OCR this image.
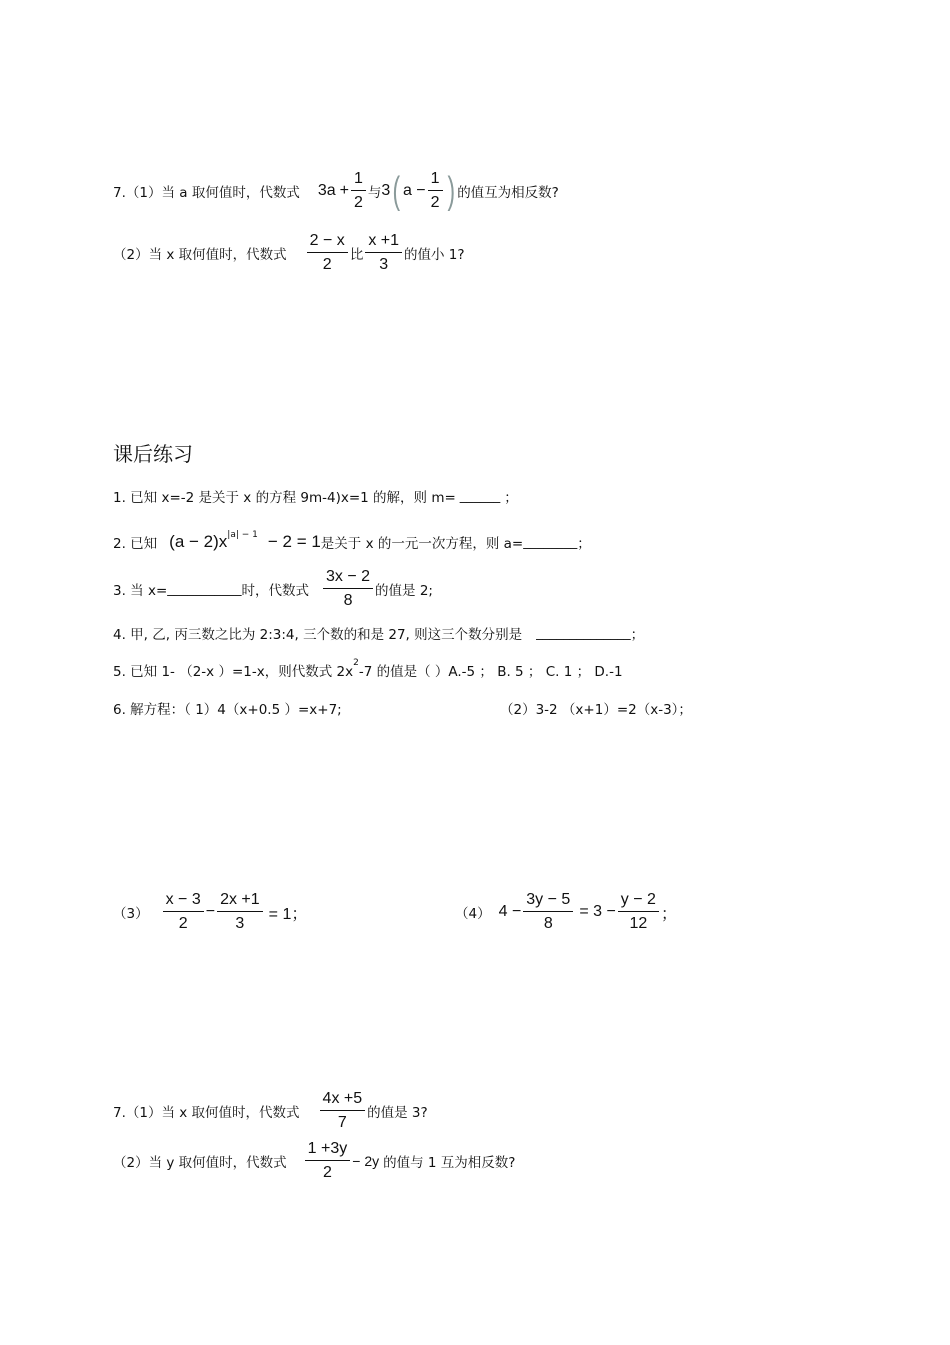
7.（1）当 a 取何值时，代数式 $3a + \frac{1}{2}$ 与 3 ( $a - \frac{1}{2}$ ) 的值互为相反数?
（2）当 x 取何值时，代数式 $\frac{2 - x}{2}$ 比 $\frac{x +1}{3}$ 的值小 1?
课后练习
1. 已知 x=-2 是关于 x 的方程 9m-4)x=1 的解，则 m= ______ ；
2. 已知 $(a - 2)x^{|a| - 1} - 2 = 1$ 是关于 x 的一元一次方程，则 a= ________ ；
3. 当 x= ______ _____ 时，代数式 $\frac{3x - 2}{8}$ 的值是 2;
4. 甲, 乙, 丙三数之比为 2:3:4, 三个数的和是 27, 则这三个数分别是 ______________ ；
5. 已知 1- （2-x ）=1-x，则代数式 2x
$^2$
-7 的值是（ ）A.-5 ； B. 5 ； C. 1 ； D.-1
6. 解方程：（ 1）4（x+0.5 ）=x+7;	（2）3-2 （x+1）=2（x-3）；
$(3) \frac{x - 3}{2} - \frac{2x +1}{3} = 1$；	（4） $4 - \frac{3y - 5}{8} = 3 - \frac{y - 2}{12}$ ；
7.（1）当 x 取何值时，代数式 $\frac{4x +5}{7}$ 的值是 3?
（2）当 y 取何值时，代数式 $\frac{1 +3y}{2} - 2y$ 的值与 1 互为相反数?
